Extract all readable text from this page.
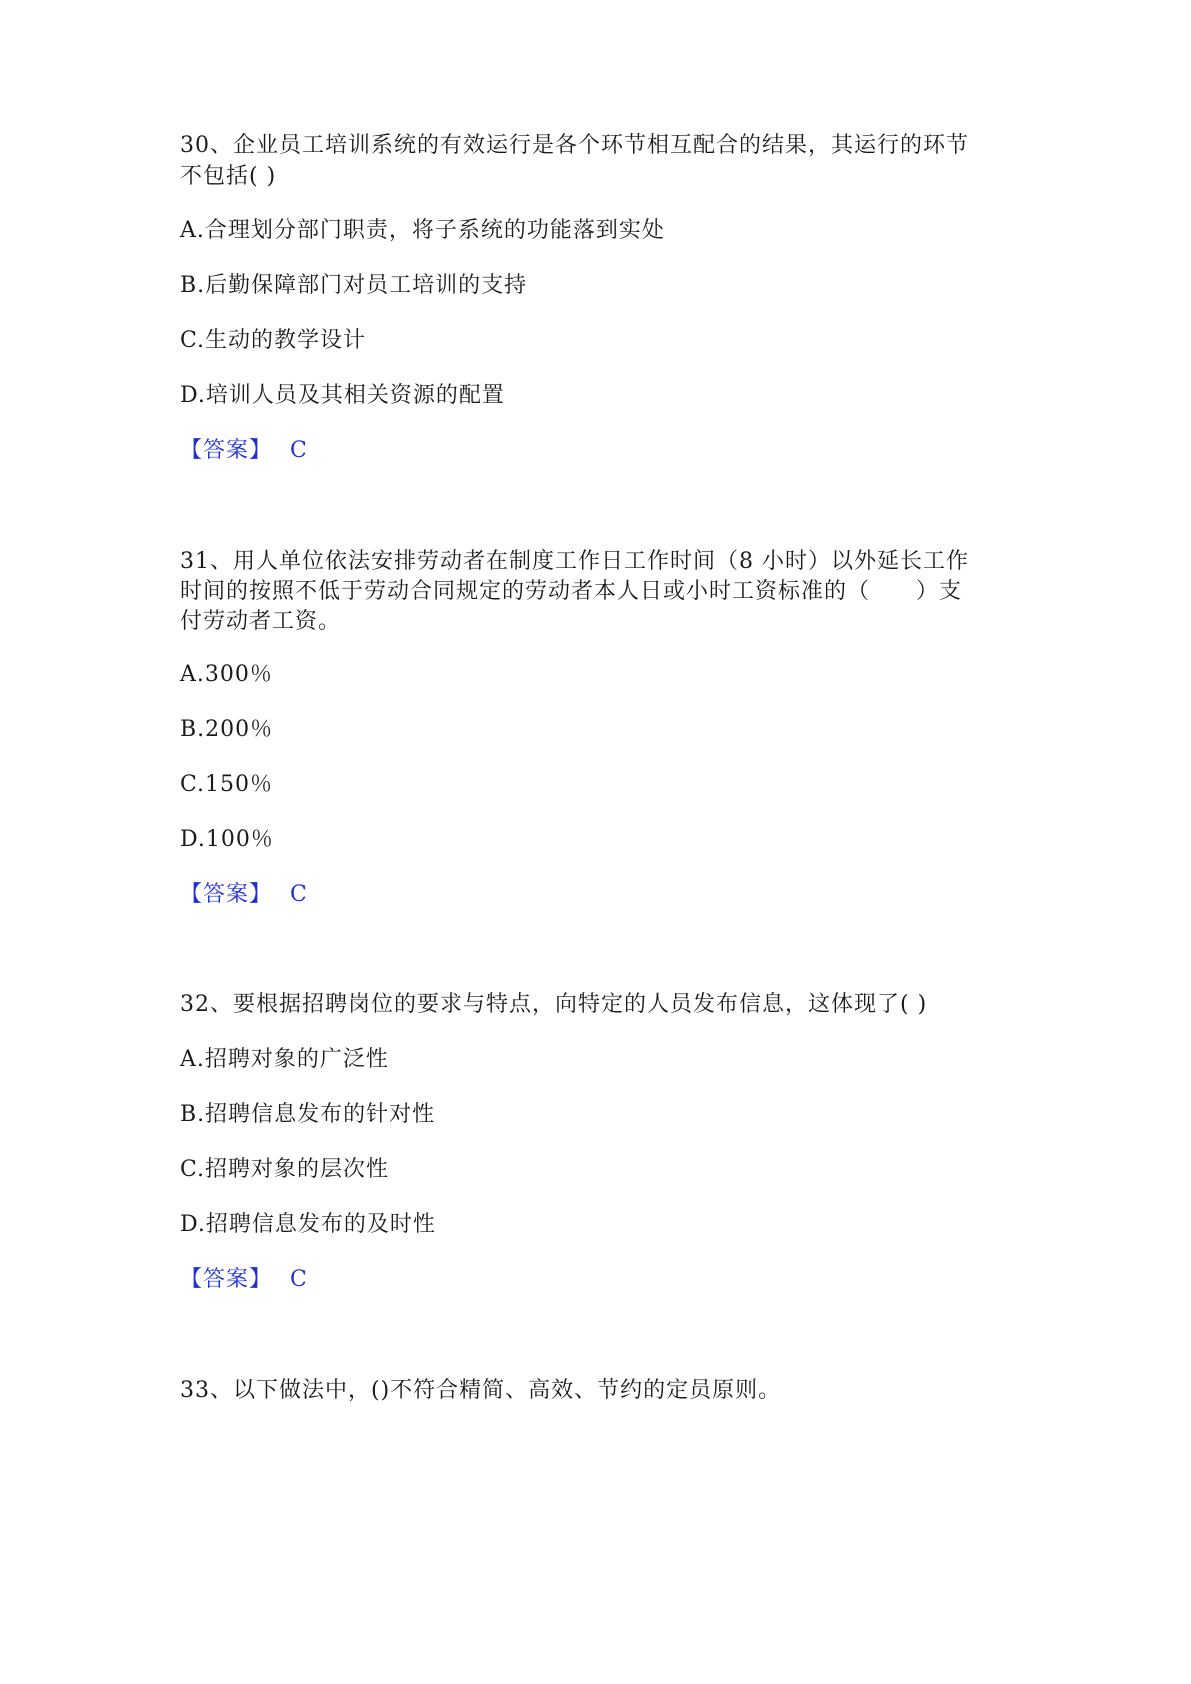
30、企业员工培训系统的有效运行是各个环节相互配合的结果，其运行的环节
不包括( )
A.合理划分部门职责，将子系统的功能落到实处
B.后勤保障部门对员工培训的支持
C.生动的教学设计
D.培训人员及其相关资源的配置
【答案】 C
31、用人单位依法安排劳动者在制度工作日工作时间（8 小时）以外延长工作
时间的按照不低于劳动合同规定的劳动者本人日或小时工资标准的（　　）支
付劳动者工资。
A.300％
B.200％
C.150％
D.100％
【答案】 C
32、要根据招聘岗位的要求与特点，向特定的人员发布信息，这体现了( )
A.招聘对象的广泛性
B.招聘信息发布的针对性
C.招聘对象的层次性
D.招聘信息发布的及时性
【答案】 C
33、以下做法中，()不符合精简、高效、节约的定员原则。
